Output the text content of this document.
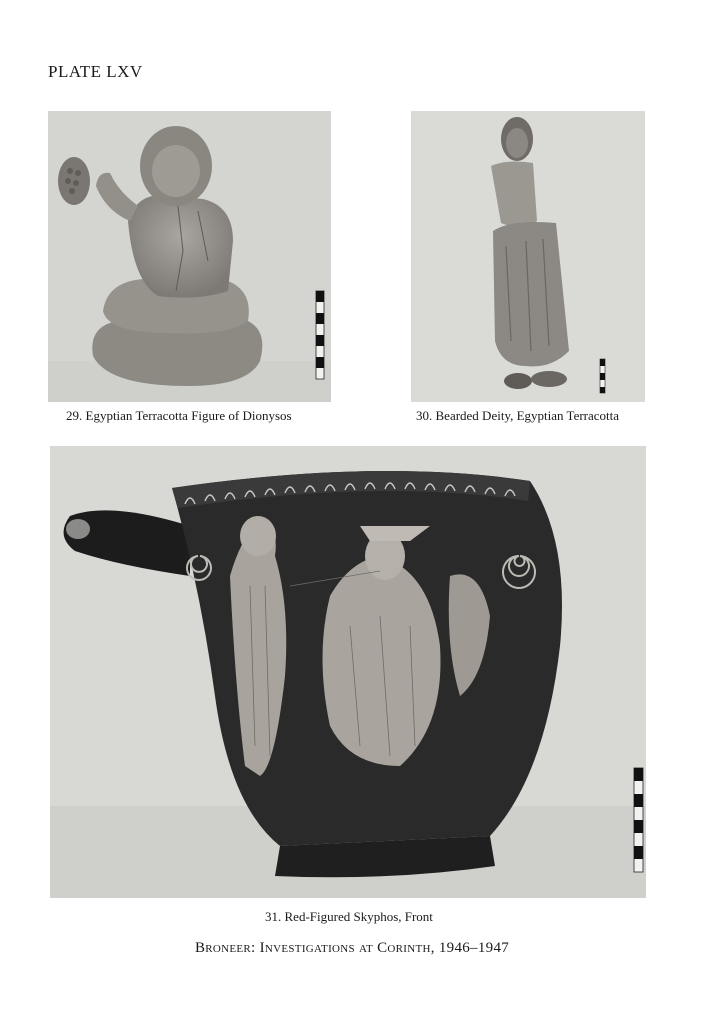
PLATE LXV
29. Egyptian Terracotta Figure of Dionysos	30. Bearded Deity, Egyptian Terracotta
31. Red-Figured Skyphos, Front
Broneer: Investigations at Corinth, 1946–1947
